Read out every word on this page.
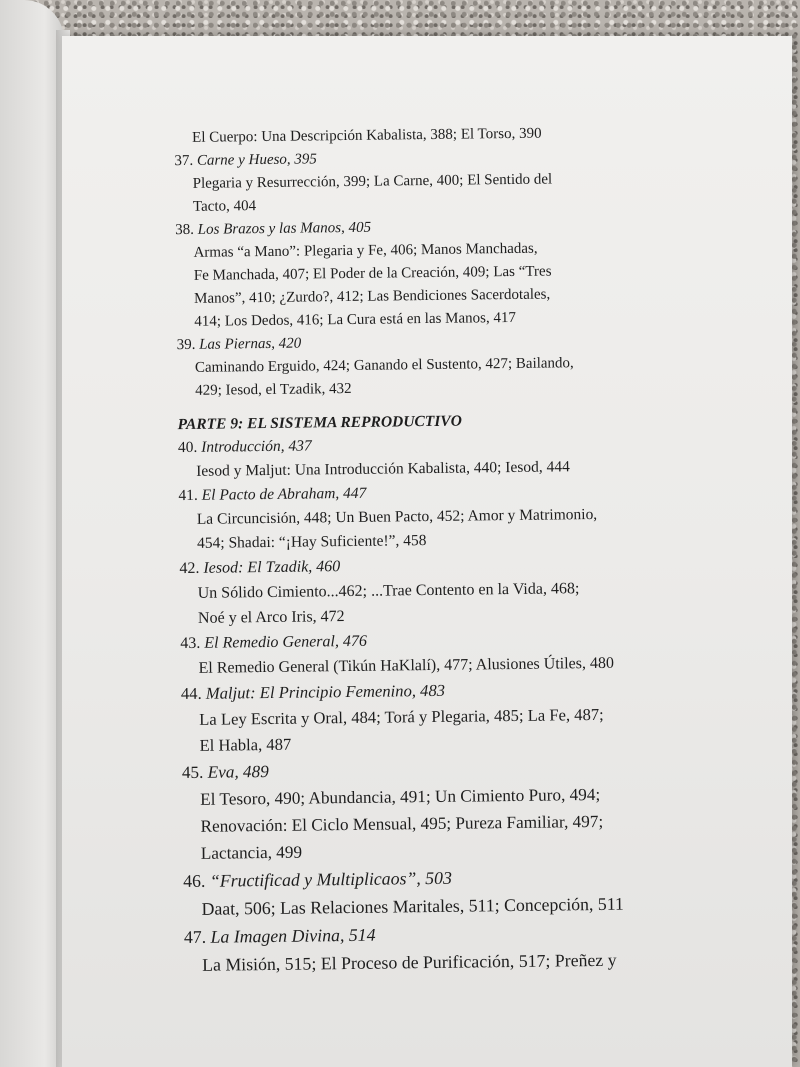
El Cuerpo: Una Descripción Kabalista, 388; El Torso, 390
37. Carne y Hueso, 395
Plegaria y Resurrección, 399; La Carne, 400; El Sentido del
Tacto, 404
38. Los Brazos y las Manos, 405
Armas “a Mano”: Plegaria y Fe, 406; Manos Manchadas,
Fe Manchada, 407; El Poder de la Creación, 409; Las “Tres
Manos”, 410; ¿Zurdo?, 412; Las Bendiciones Sacerdotales,
414; Los Dedos, 416; La Cura está en las Manos, 417
39. Las Piernas, 420
Caminando Erguido, 424; Ganando el Sustento, 427; Bailando,
429; Iesod, el Tzadik, 432
PARTE 9: EL SISTEMA REPRODUCTIVO
40. Introducción, 437
Iesod y Maljut: Una Introducción Kabalista, 440; Iesod, 444
41. El Pacto de Abraham, 447
La Circuncisión, 448; Un Buen Pacto, 452; Amor y Matrimonio,
454; Shadai: “¡Hay Suficiente!”, 458
42. Iesod: El Tzadik, 460
Un Sólido Cimiento...462; ...Trae Contento en la Vida, 468;
Noé y el Arco Iris, 472
43. El Remedio General, 476
El Remedio General (Tikún HaKlalí), 477; Alusiones Útiles, 480
44. Maljut: El Principio Femenino, 483
La Ley Escrita y Oral, 484; Torá y Plegaria, 485; La Fe, 487;
El Habla, 487
45. Eva, 489
El Tesoro, 490; Abundancia, 491; Un Cimiento Puro, 494;
Renovación: El Ciclo Mensual, 495; Pureza Familiar, 497;
Lactancia, 499
46. “Fructificad y Multiplicaos”, 503
Daat, 506; Las Relaciones Maritales, 511; Concepción, 511
47. La Imagen Divina, 514
La Misión, 515; El Proceso de Purificación, 517; Preñez y
